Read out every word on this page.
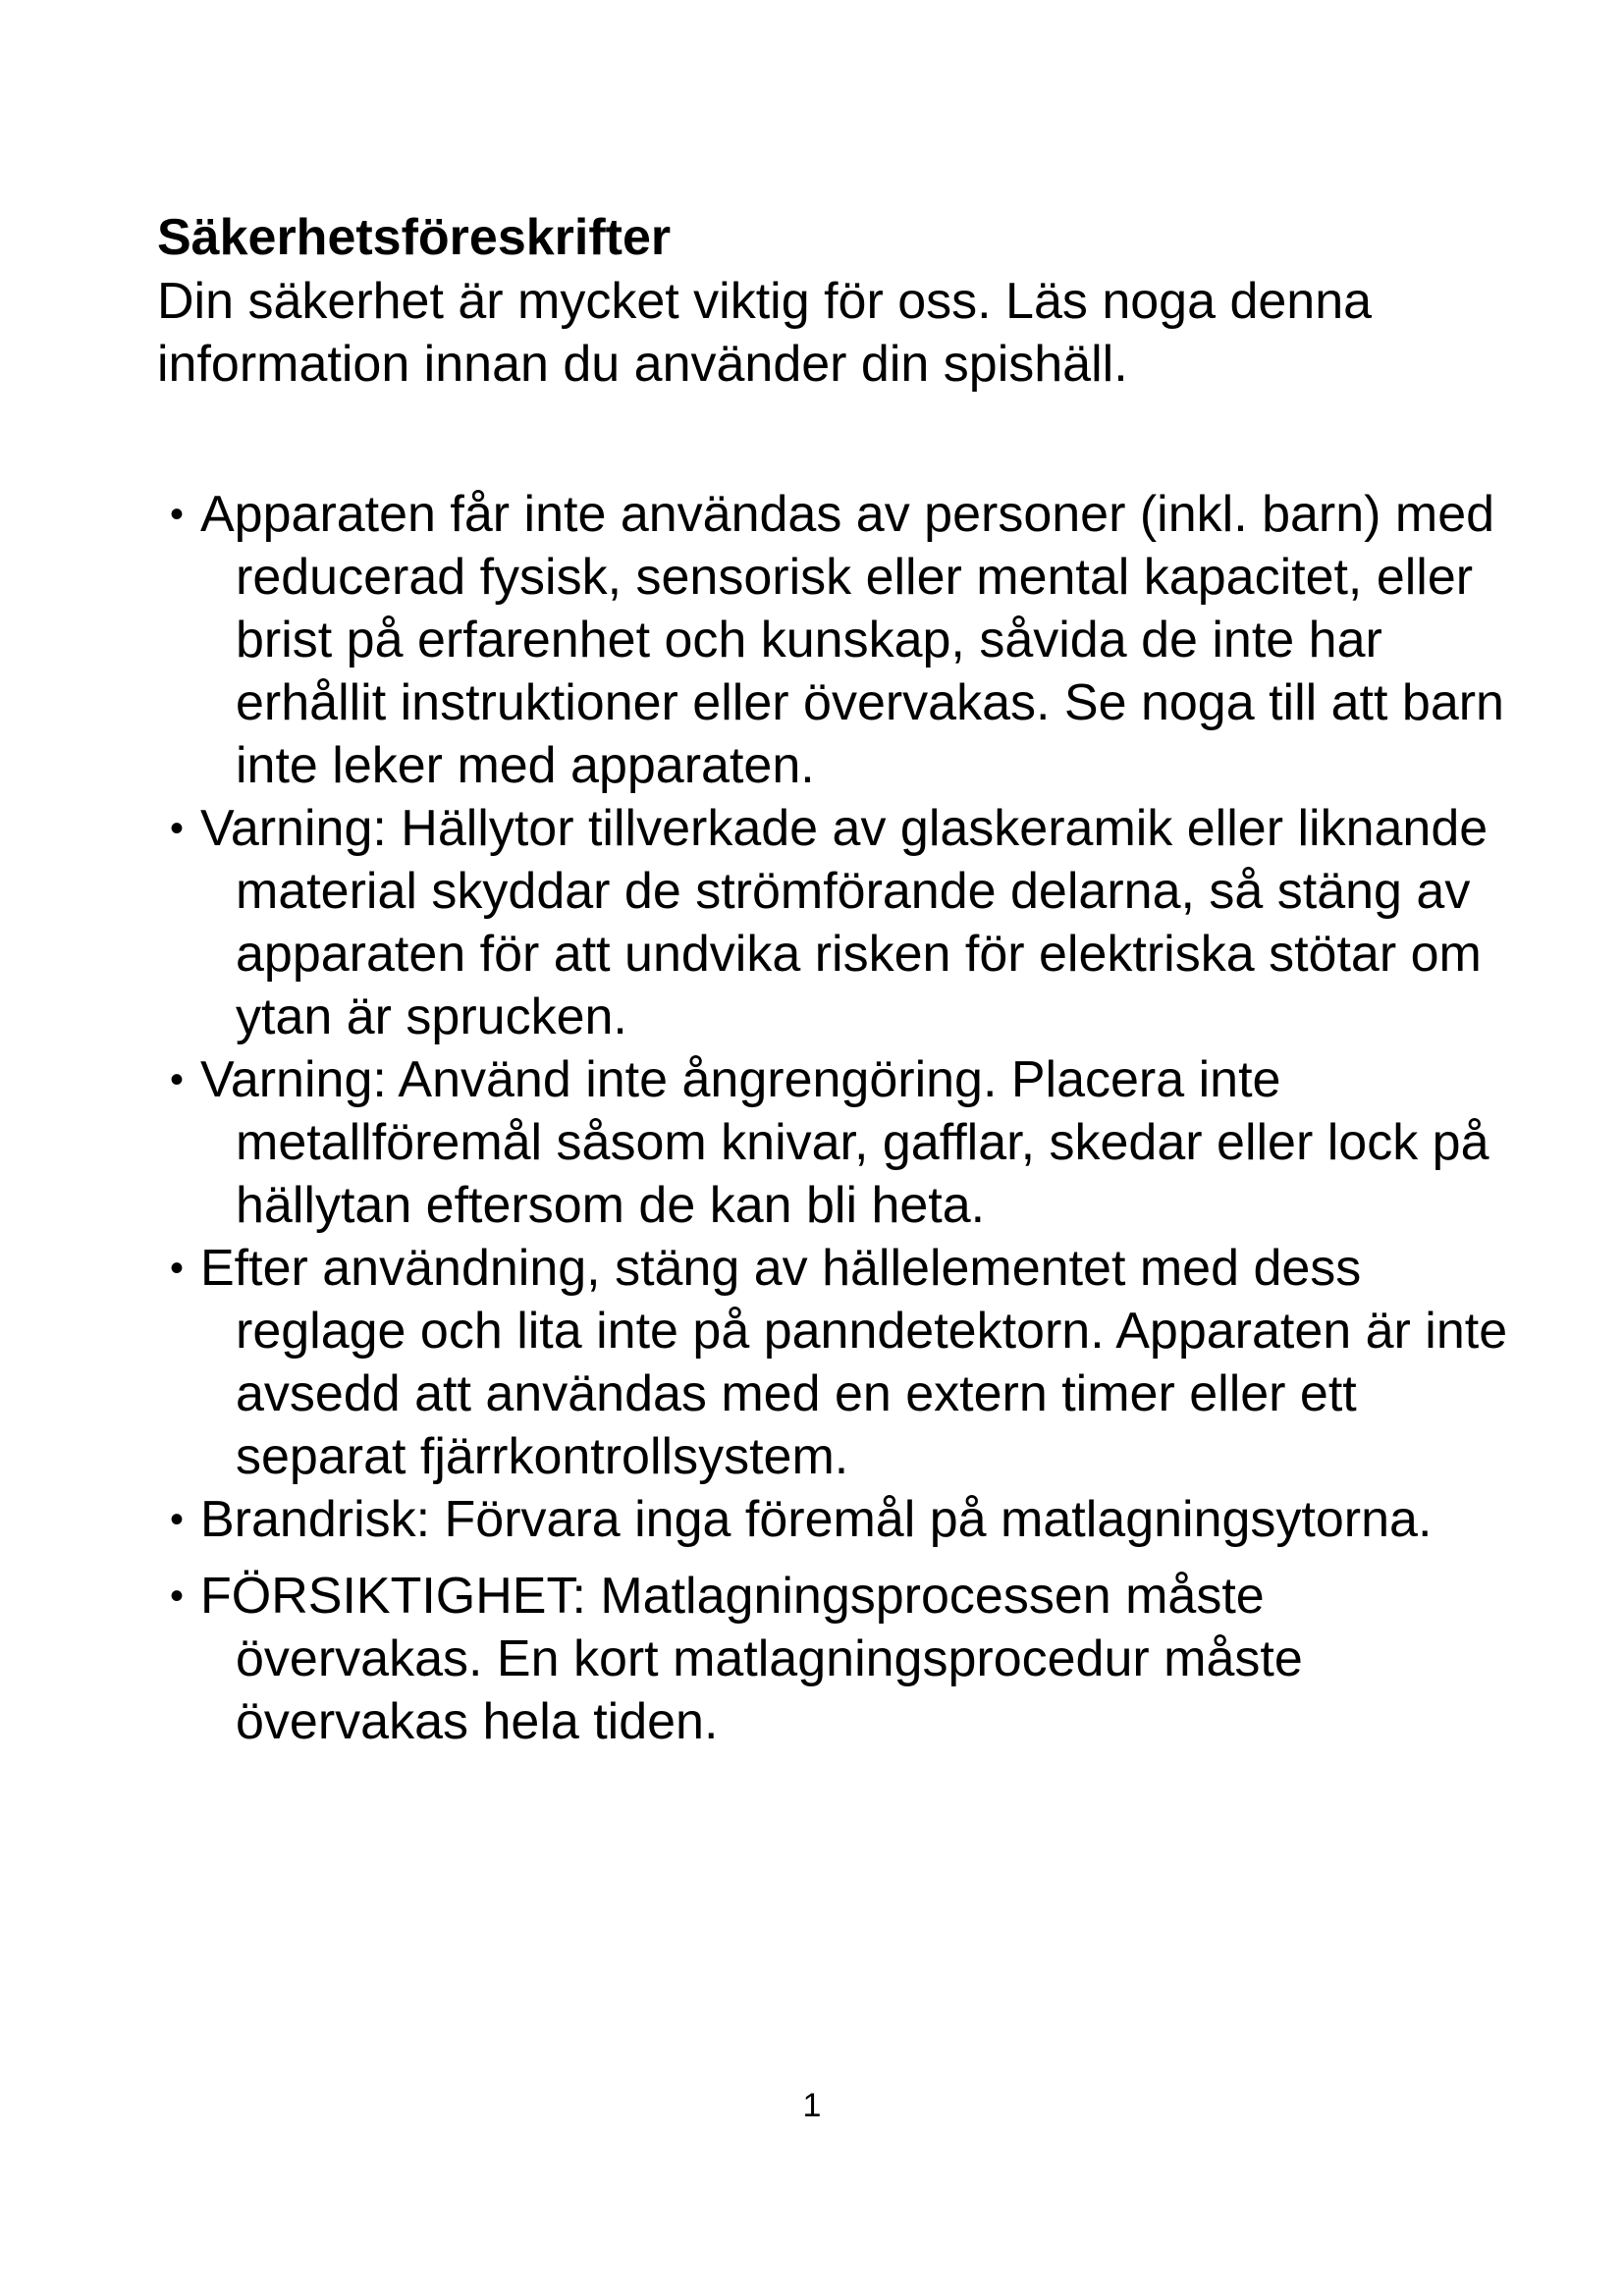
Säkerhetsföreskrifter

Din säkerhet är mycket viktig för oss. Läs noga denna information innan du använder din spishäll.

• Apparaten får inte användas av personer (inkl. barn) med reducerad fysisk, sensorisk eller mental kapacitet, eller brist på erfarenhet och kunskap, såvida de inte har erhållit instruktioner eller övervakas. Se noga till att barn inte leker med apparaten.
• Varning: Hällytor tillverkade av glaskeramik eller liknande material skyddar de strömförande delarna, så stäng av apparaten för att undvika risken för elektriska stötar om ytan är sprucken.
• Varning: Använd inte ångrengöring. Placera inte metallföremål såsom knivar, gafflar, skedar eller lock på hällytan eftersom de kan bli heta.
• Efter användning, stäng av hällelementet med dess reglage och lita inte på panndetektorn. Apparaten är inte avsedd att användas med en extern timer eller ett separat fjärrkontrollsystem.
• Brandrisk: Förvara inga föremål på matlagningsytorna.
• FÖRSIKTIGHET: Matlagningsprocessen måste övervakas. En kort matlagningsprocedur måste övervakas hela tiden.

1
